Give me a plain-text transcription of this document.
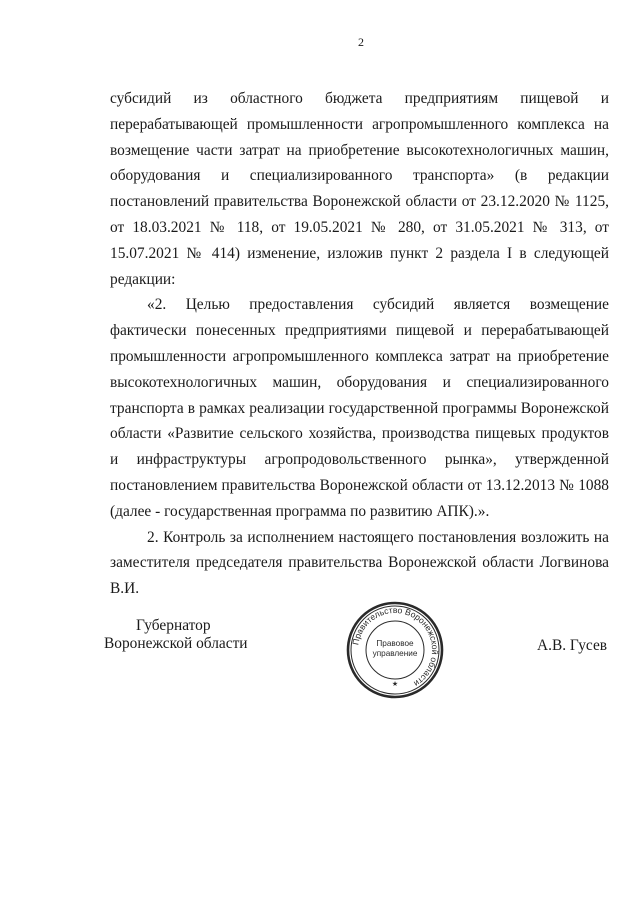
2

субсидий из областного бюджета предприятиям пищевой и перерабатывающей промышленности агропромышленного комплекса на возмещение части затрат на приобретение высокотехнологичных машин, оборудования и специализированного транспорта» (в редакции постановлений правительства Воронежской области от 23.12.2020 № 1125, от 18.03.2021 № 118, от 19.05.2021 № 280, от 31.05.2021 № 313, от 15.07.2021 № 414) изменение, изложив пункт 2 раздела I в следующей редакции:

«2. Целью предоставления субсидий является возмещение фактически понесенных предприятиями пищевой и перерабатывающей промышленности агропромышленного комплекса затрат на приобретение высокотехнологичных машин, оборудования и специализированного транспорта в рамках реализации государственной программы Воронежской области «Развитие сельского хозяйства, производства пищевых продуктов и инфраструктуры агропродовольственного рынка», утвержденной постановлением правительства Воронежской области от 13.12.2013 № 1088 (далее - государственная программа по развитию АПК).».

2. Контроль за исполнением настоящего постановления возложить на заместителя председателя правительства Воронежской области Логвинова В.И.

Губернатор
Воронежской области	Правительство Воронежской области
Правовое
управление
★
А.В. Гусев
